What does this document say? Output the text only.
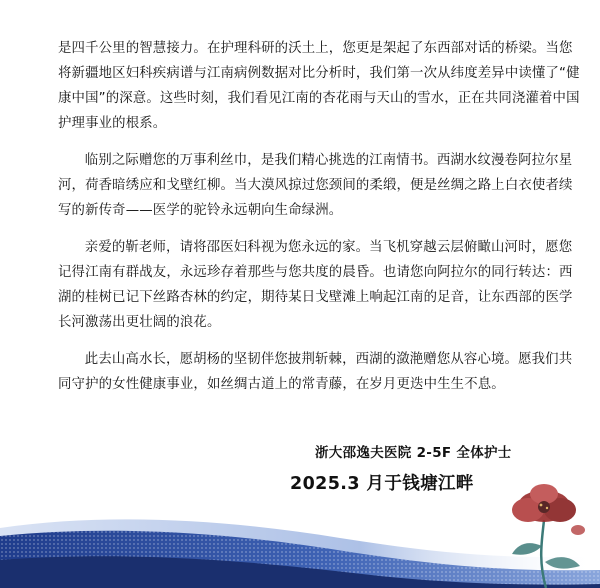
是四千公里的智慧接力。在护理科研的沃土上，您更是架起了东西部对话的桥梁。当您将新疆地区妇科疾病谱与江南病例数据对比分析时，我们第一次从纬度差异中读懂了“健康中国”的深意。这些时刻，我们看见江南的杏花雨与天山的雪水，正在共同浇灌着中国护理事业的根系。

临别之际赠您的万事利丝巾，是我们精心挑选的江南情书。西湖水纹漫卷阿拉尔星河，荷香暗绣应和戈壁红柳。当大漠风掠过您颈间的柔缎，便是丝绸之路上白衣使者续写的新传奇——医学的驼铃永远朝向生命绿洲。

亲爱的靳老师，请将邵医妇科视为您永远的家。当飞机穿越云层俯瞰山河时，愿您记得江南有群战友，永远珍存着那些与您共度的晨昏。也请您向阿拉尔的同行转达：西湖的桂树已记下丝路杏林的约定，期待某日戈壁滩上响起江南的足音，让东西部的医学长河激荡出更壮阔的浪花。

此去山高水长，愿胡杨的坚韧伴您披荆斩棘，西湖的潋滟赠您从容心境。愿我们共同守护的女性健康事业，如丝绸古道上的常青藤，在岁月更迭中生生不息。

浙大邵逸夫医院 2-5F 全体护士
2025.3 月于钱塘江畔
